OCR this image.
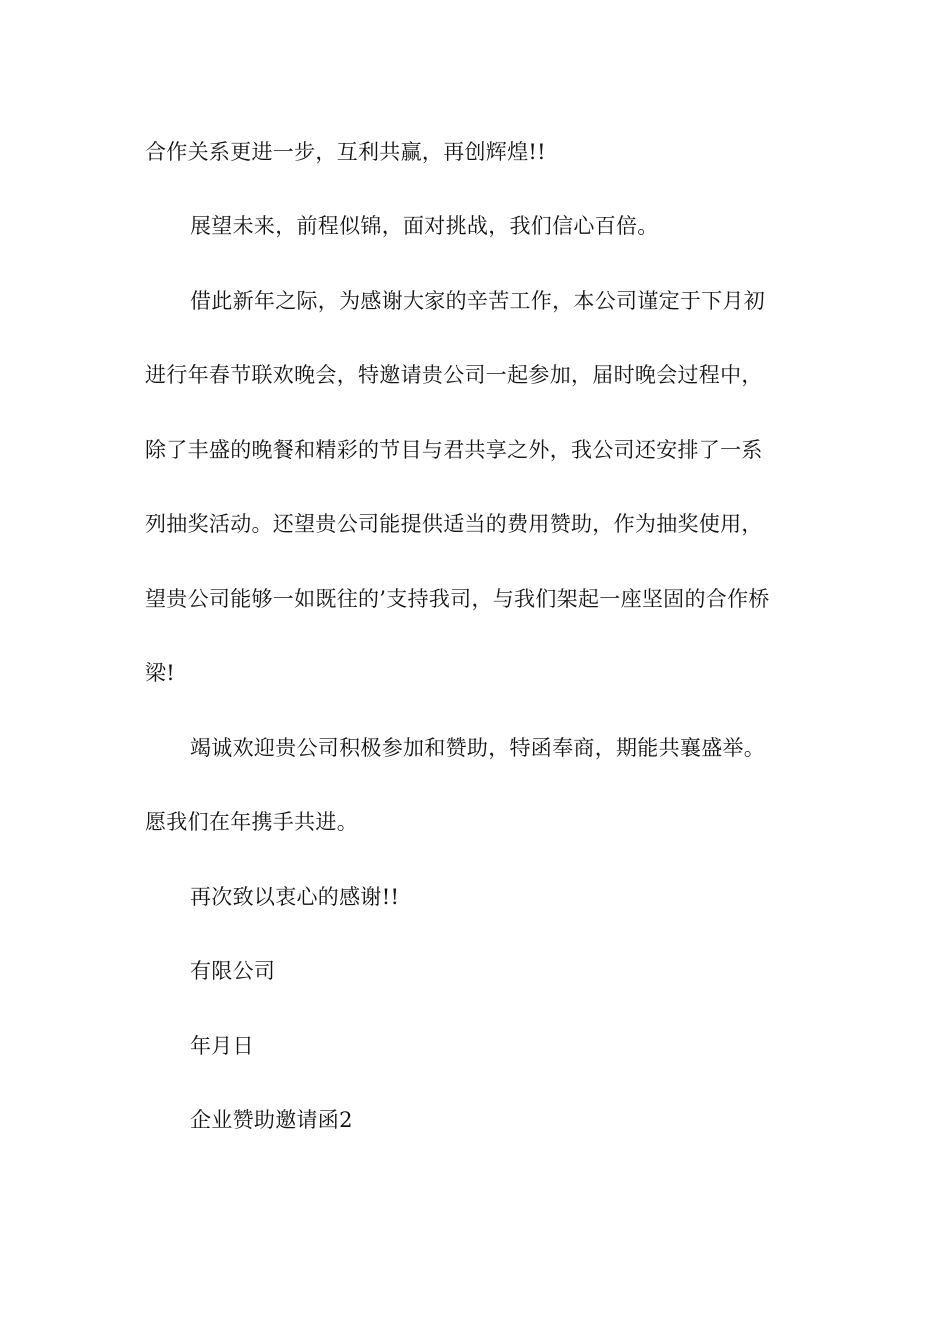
合作关系更进一步，互利共赢，再创辉煌!!
展望未来，前程似锦，面对挑战，我们信心百倍。
借此新年之际，为感谢大家的辛苦工作，本公司谨定于下月初
进行年春节联欢晚会，特邀请贵公司一起参加，届时晚会过程中，
除了丰盛的晚餐和精彩的节目与君共享之外，我公司还安排了一系
列抽奖活动。还望贵公司能提供适当的费用赞助，作为抽奖使用，
望贵公司能够一如既往的’支持我司，与我们架起一座坚固的合作桥
梁!
竭诚欢迎贵公司积极参加和赞助，特函奉商，期能共襄盛举。
愿我们在年携手共进。
再次致以衷心的感谢!!
有限公司
年月日
企业赞助邀请函2
